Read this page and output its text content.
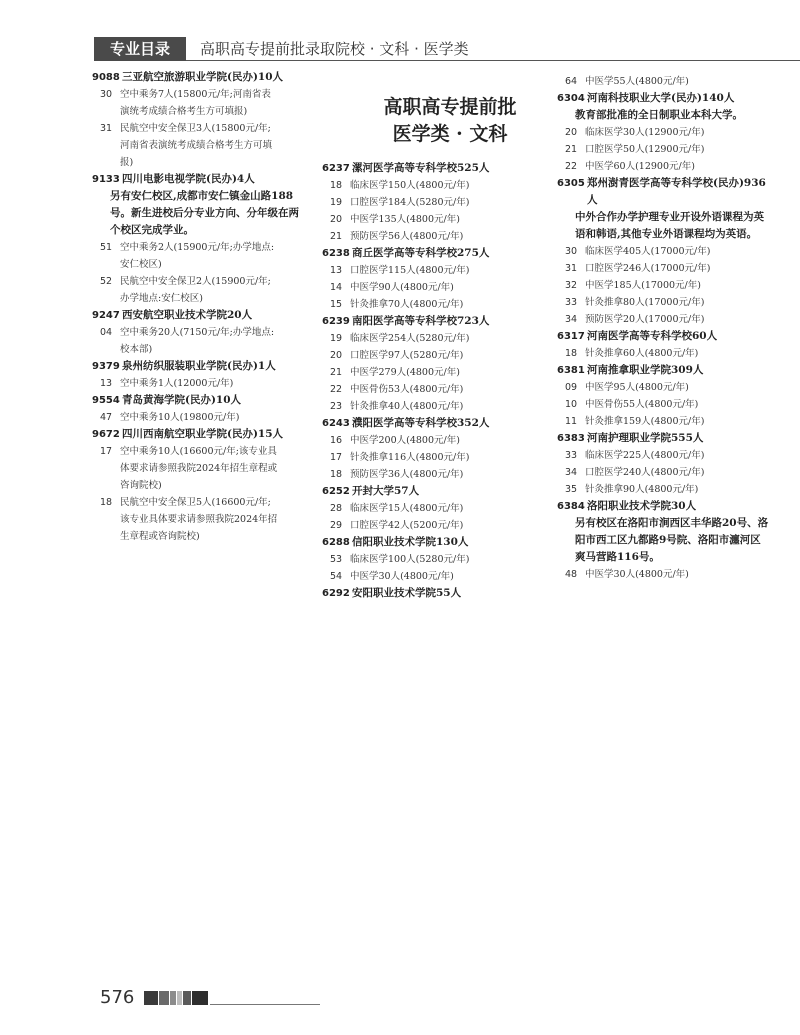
专业目录	高职高专提前批录取院校 · 文科 · 医学类
9088 三亚航空旅游职业学院(民办)10人
30 空中乘务7人(15800元/年;河南省表
演统考成绩合格考生方可填报)
31 民航空中安全保卫3人(15800元/年;
河南省表演统考成绩合格考生方可填
报)
9133 四川电影电视学院(民办)4人
另有安仁校区,成都市安仁镇金山路188
号。新生进校后分专业方向、分年级在两
个校区完成学业。
51 空中乘务2人(15900元/年;办学地点:
安仁校区)
52 民航空中安全保卫2人(15900元/年;
办学地点:安仁校区)
9247 西安航空职业技术学院20人
04 空中乘务20人(7150元/年;办学地点:
校本部)
9379 泉州纺织服装职业学院(民办)1人
13 空中乘务1人(12000元/年)
9554 青岛黄海学院(民办)10人
47 空中乘务10人(19800元/年)
9672 四川西南航空职业学院(民办)15人
17 空中乘务10人(16600元/年;该专业具
体要求请参照我院2024年招生章程或
咨询院校)
18 民航空中安全保卫5人(16600元/年;
该专业具体要求请参照我院2024年招
生章程或咨询院校)
高职高专提前批
医学类 · 文科
6237 漯河医学高等专科学校525人
18 临床医学150人(4800元/年)
19 口腔医学184人(5280元/年)
20 中医学135人(4800元/年)
21 预防医学56人(4800元/年)
6238 商丘医学高等专科学校275人
13 口腔医学115人(4800元/年)
14 中医学90人(4800元/年)
15 针灸推拿70人(4800元/年)
6239 南阳医学高等专科学校723人
19 临床医学254人(5280元/年)
20 口腔医学97人(5280元/年)
21 中医学279人(4800元/年)
22 中医骨伤53人(4800元/年)
23 针灸推拿40人(4800元/年)
6243 濮阳医学高等专科学校352人
16 中医学200人(4800元/年)
17 针灸推拿116人(4800元/年)
18 预防医学36人(4800元/年)
6252 开封大学57人
28 临床医学15人(4800元/年)
29 口腔医学42人(5200元/年)
6288 信阳职业技术学院130人
53 临床医学100人(5280元/年)
54 中医学30人(4800元/年)
6292 安阳职业技术学院55人
64 中医学55人(4800元/年)
6304 河南科技职业大学(民办)140人
教育部批准的全日制职业本科大学。
20 临床医学30人(12900元/年)
21 口腔医学50人(12900元/年)
22 中医学60人(12900元/年)
6305 郑州澍青医学高等专科学校(民办)936
人
中外合作办学护理专业开设外语课程为英
语和韩语,其他专业外语课程均为英语。
30 临床医学405人(17000元/年)
31 口腔医学246人(17000元/年)
32 中医学185人(17000元/年)
33 针灸推拿80人(17000元/年)
34 预防医学20人(17000元/年)
6317 河南医学高等专科学校60人
18 针灸推拿60人(4800元/年)
6381 河南推拿职业学院309人
09 中医学95人(4800元/年)
10 中医骨伤55人(4800元/年)
11 针灸推拿159人(4800元/年)
6383 河南护理职业学院555人
33 临床医学225人(4800元/年)
34 口腔医学240人(4800元/年)
35 针灸推拿90人(4800元/年)
6384 洛阳职业技术学院30人
另有校区在洛阳市涧西区丰华路20号、洛
阳市西工区九都路9号院、洛阳市瀍河区
爽马营路116号。
48 中医学30人(4800元/年)
576
